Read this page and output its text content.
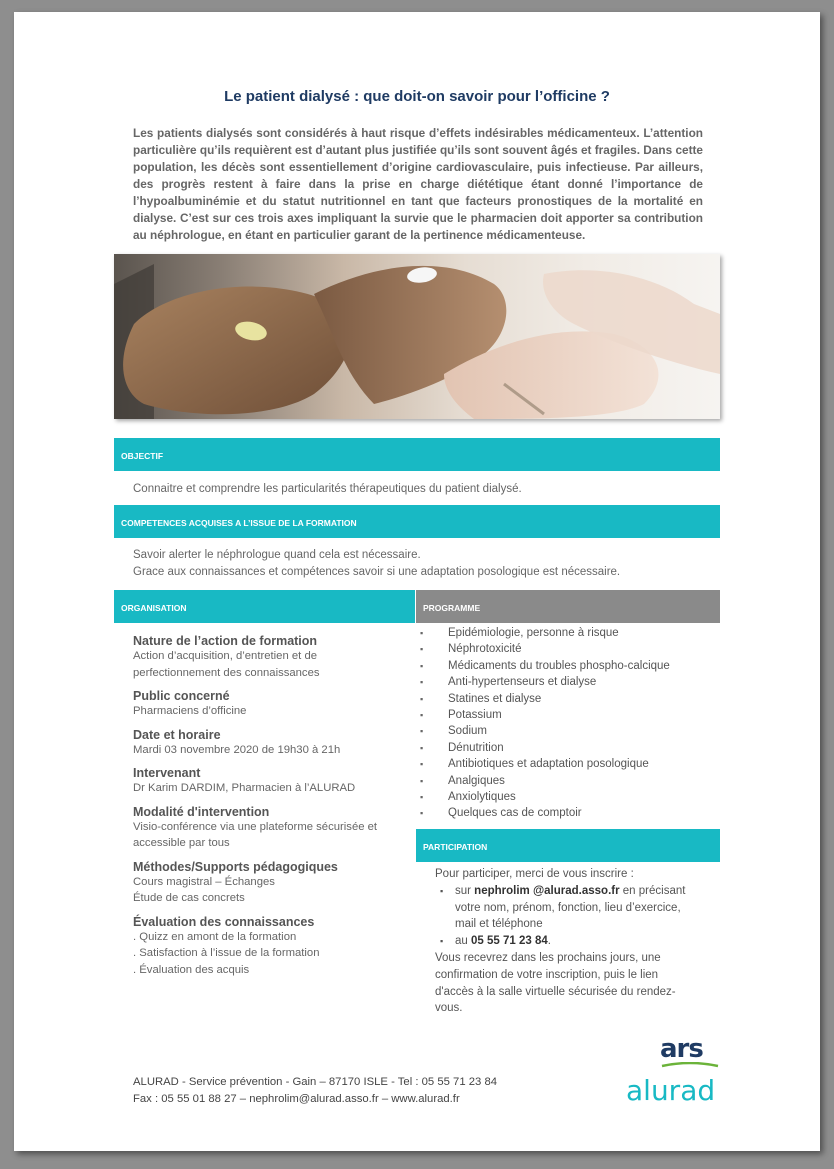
Le patient dialysé : que doit-on savoir pour l’officine ?
Les patients dialysés sont considérés à haut risque d’effets indésirables médicamenteux. L’attention particulière qu’ils requièrent est d’autant plus justifiée qu’ils sont souvent âgés et fragiles. Dans cette population, les décès sont essentiellement d’origine cardiovasculaire, puis infectieuse. Par ailleurs, des progrès restent à faire dans la prise en charge diététique étant donné l’importance de l’hypoalbuminémie et du statut nutritionnel en tant que facteurs pronostiques de la mortalité en dialyse. C’est sur ces trois axes impliquant la survie que le pharmacien doit apporter sa contribution au néphrologue, en étant en particulier garant de la pertinence médicamenteuse.
OBJECTIF
Connaitre et comprendre les particularités thérapeutiques du patient dialysé.
COMPETENCES ACQUISES A L’ISSUE DE LA FORMATION
Savoir alerter le néphrologue quand cela est nécessaire.
Grace aux connaissances et compétences savoir si une adaptation posologique est nécessaire.
ORGANISATION	PROGRAMME
Nature de l’action de formation
Action d’acquisition, d’entretien et de
perfectionnement des connaissances
Public concerné
Pharmaciens d’officine
Date et horaire
Mardi 03 novembre 2020 de 19h30 à 21h
Intervenant
Dr Karim DARDIM, Pharmacien à l’ALURAD
Modalité d'intervention
Visio-conférence via une plateforme sécurisée et
accessible par tous
Méthodes/Supports pédagogiques
Cours magistral – Échanges
Étude de cas concrets
Évaluation des connaissances
. Quizz en amont de la formation
. Satisfaction à l’issue de la formation
. Évaluation des acquis
▪ Epidémiologie, personne à risque
▪ Néphrotoxicité
▪ Médicaments du troubles phospho-calcique
▪ Anti-hypertenseurs et dialyse
▪ Statines et dialyse
▪ Potassium
▪ Sodium
▪ Dénutrition
▪ Antibiotiques et adaptation posologique
▪ Analgiques
▪ Anxiolytiques
▪ Quelques cas de comptoir
PARTICIPATION
Pour participer, merci de vous inscrire :
▪ sur nephrolim @alurad.asso.fr en précisant
votre nom, prénom, fonction, lieu d’exercice,
mail et téléphone
▪ au 05 55 71 23 84.
Vous recevrez dans les prochains jours, une
confirmation de votre inscription, puis le lien
d'accès à la salle virtuelle sécurisée du rendez-
vous.
ALURAD - Service prévention - Gain – 87170 ISLE - Tel : 05 55 71 23 84
Fax : 05 55 01 88 27 – nephrolim@alurad.asso.fr – www.alurad.fr
ars
alurad
